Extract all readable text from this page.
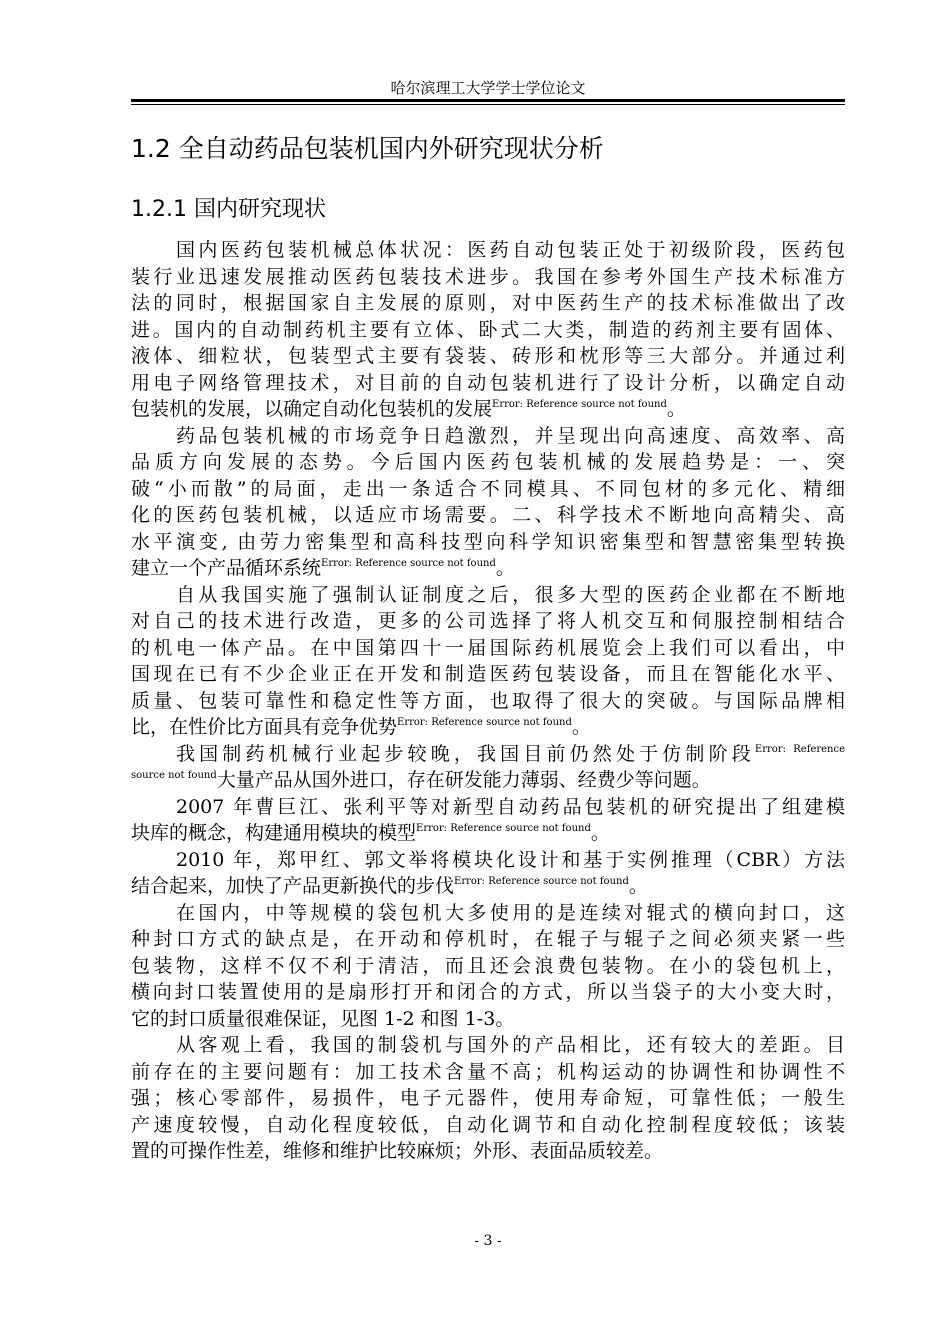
哈尔滨理工大学学士学位论文
1.2 全自动药品包装机国内外研究现状分析
1.2.1 国内研究现状
国内医药包装机械总体状况：医药自动包装正处于初级阶段，医药包
装行业迅速发展推动医药包装技术进步。我国在参考外国生产技术标准方
法的同时，根据国家自主发展的原则，对中医药生产的技术标准做出了改
进。国内的自动制药机主要有立体、卧式二大类，制造的药剂主要有固体、
液体、细粒状，包装型式主要有袋装、砖形和枕形等三大部分。并通过利
用电子网络管理技术，对目前的自动包装机进行了设计分析，以确定自动
包装机的发展，以确定自动化包装机的发展$^{Error: Reference source not found}$。
药品包装机械的市场竞争日趋激烈，并呈现出向高速度、高效率、高
品质方向发展的态势。今后国内医药包装机械的发展趋势是：一、突
破“小而散”的局面，走出一条适合不同模具、不同包材的多元化、精细
化的医药包装机械，以适应市场需要。二、科学技术不断地向高精尖、高
水平演变, 由劳力密集型和高科技型向科学知识密集型和智慧密集型转换
建立一个产品循环系统$^{Error: Reference source not found}$。
自从我国实施了强制认证制度之后，很多大型的医药企业都在不断地
对自己的技术进行改造，更多的公司选择了将人机交互和伺服控制相结合
的机电一体产品。在中国第四十一届国际药机展览会上我们可以看出，中
国现在已有不少企业正在开发和制造医药包装设备，而且在智能化水平、
质量、包装可靠性和稳定性等方面，也取得了很大的突破。与国际品牌相
比，在性价比方面具有竞争优势$^{Error: Reference source not found}$。
我国制药机械行业起步较晚，我国目前仍然处于仿制阶段$^{Error: Reference}$
$^{source not found}$大量产品从国外进口，存在研发能力薄弱、经费少等问题。
2007 年曹巨江、张利平等对新型自动药品包装机的研究提出了组建模
块库的概念，构建通用模块的模型$^{Error: Reference source not found}$。
2010 年，郑甲红、郭文举将模块化设计和基于实例推理（CBR）方法
结合起来，加快了产品更新换代的步伐$^{Error: Reference source not found}$。
在国内，中等规模的袋包机大多使用的是连续对辊式的横向封口，这
种封口方式的缺点是，在开动和停机时，在辊子与辊子之间必须夹紧一些
包装物，这样不仅不利于清洁，而且还会浪费包装物。在小的袋包机上，
横向封口装置使用的是扇形打开和闭合的方式，所以当袋子的大小变大时，
它的封口质量很难保证，见图 1-2 和图 1-3。
从客观上看，我国的制袋机与国外的产品相比，还有较大的差距。目
前存在的主要问题有：加工技术含量不高；机构运动的协调性和协调性不
强；核心零部件，易损件，电子元器件，使用寿命短，可靠性低；一般生
产速度较慢，自动化程度较低，自动化调节和自动化控制程度较低；该装
置的可操作性差，维修和维护比较麻烦；外形、表面品质较差。
- 3 -
